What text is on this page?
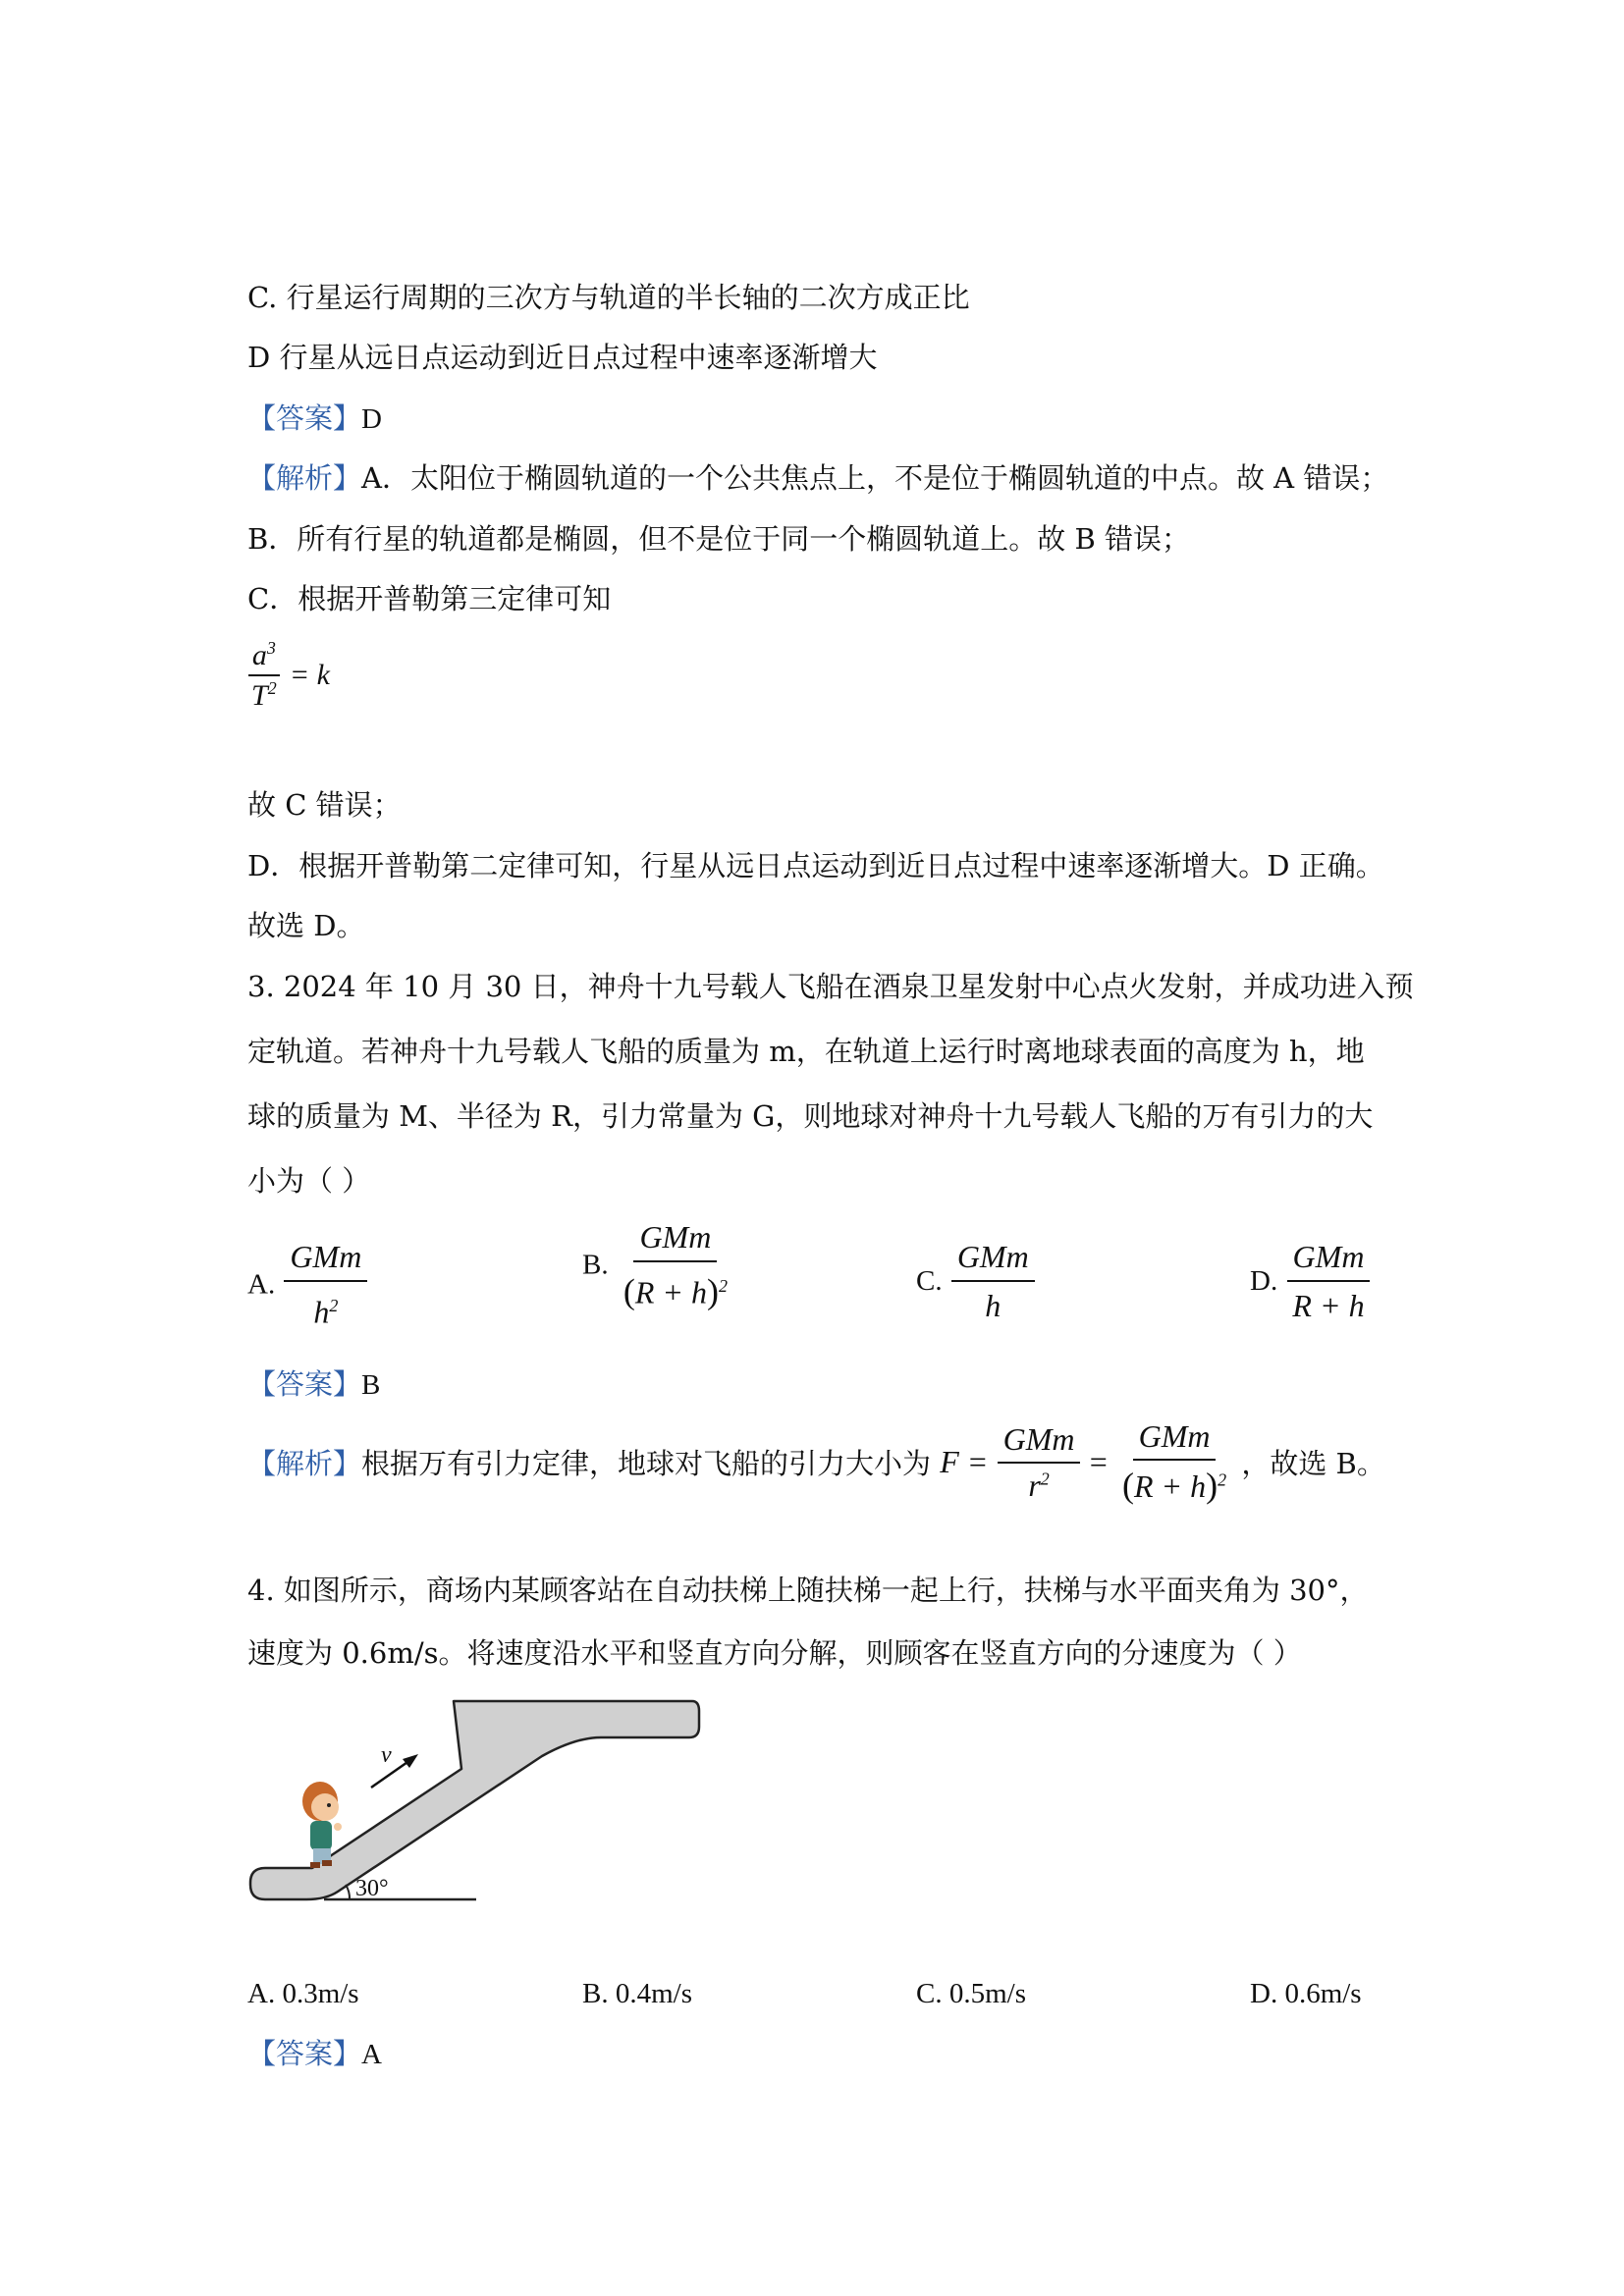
C. 行星运行周期的三次方与轨道的半长轴的二次方成正比
D 行星从远日点运动到近日点过程中速率逐渐增大
【答案】D
【解析】A．太阳位于椭圆轨道的一个公共焦点上，不是位于椭圆轨道的中点。故 A 错误；
B．所有行星的轨道都是椭圆，但不是位于同一个椭圆轨道上。故 B 错误；
C．根据开普勒第三定律可知
$\frac{a^3}{T^2} = k$
故 C 错误；
D．根据开普勒第二定律可知，行星从远日点运动到近日点过程中速率逐渐增大。D 正确。
故选 D。
3. 2024 年 10 月 30 日，神舟十九号载人飞船在酒泉卫星发射中心点火发射，并成功进入预
定轨道。若神舟十九号载人飞船的质量为 m，在轨道上运行时离地球表面的高度为 h，地
球的质量为 M、半径为 R，引力常量为 G，则地球对神舟十九号载人飞船的万有引力的大
小为（ ）
A. $\frac{\text{GMm}}{h^2}$	B. $\frac{\text{GMm}}{(R + h)^2}$	C. $\frac{\text{GMm}}{h}$	D. $\frac{\text{GMm}}{R + h}$
【答案】B
【解析】根据万有引力定律，地球对飞船的引力大小为 $F = \frac{\text{GMm}}{r^2} = \frac{\text{GMm}}{(R + h)^2}$ ，故选 B。
4. 如图所示，商场内某顾客站在自动扶梯上随扶梯一起上行，扶梯与水平面夹角为 30°，
速度为 0.6m/s。将速度沿水平和竖直方向分解，则顾客在竖直方向的分速度为（ ）
v
30°
A. 0.3m/s	B. 0.4m/s	C. 0.5m/s	D. 0.6m/s
【答案】A
